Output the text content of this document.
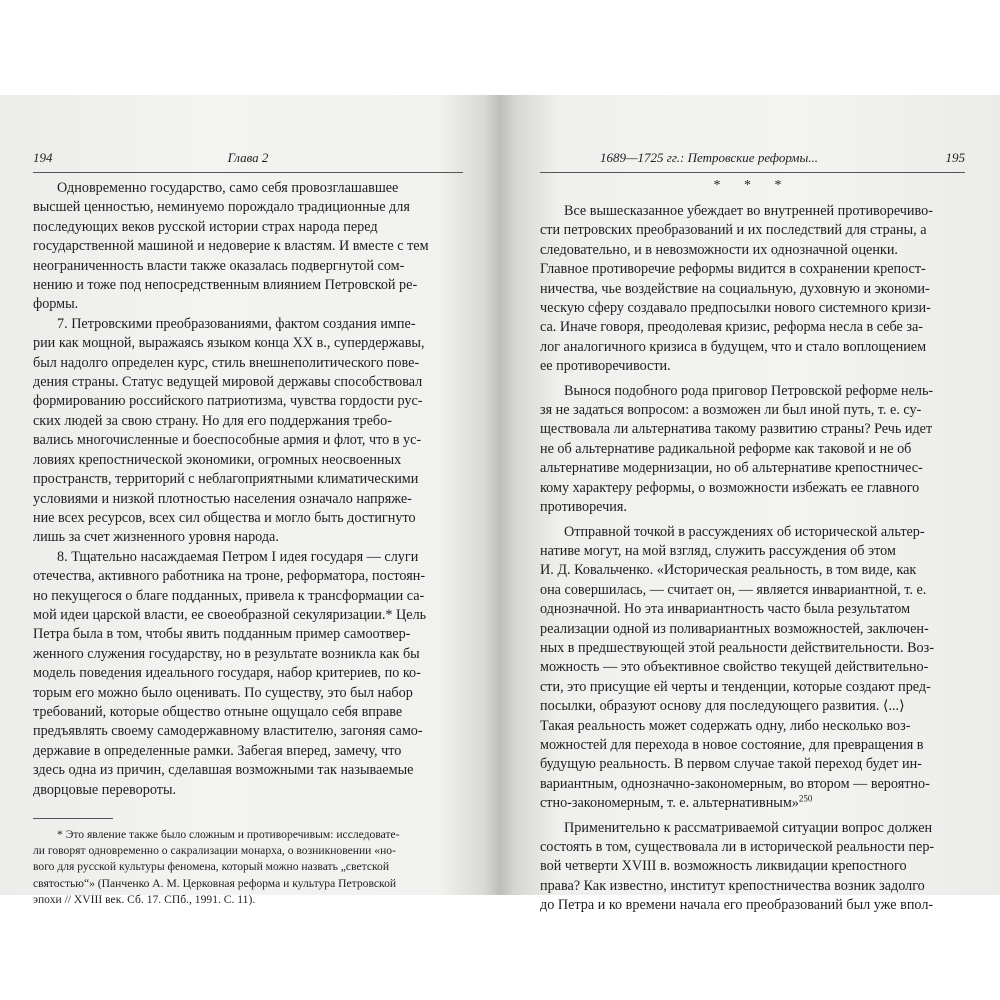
194	Глава 2
Одновременно государство, само себя провозглашавшее
высшей ценностью, неминуемо порождало традиционные для
последующих веков русской истории страх народа перед
государственной машиной и недоверие к властям. И вместе с тем
неограниченность власти также оказалась подвергнутой сом-
нению и тоже под непосредственным влиянием Петровской ре-
формы.
7. Петровскими преобразованиями, фактом создания импе-
рии как мощной, выражаясь языком конца XX в., супердержавы,
был надолго определен курс, стиль внешнеполитического пове-
дения страны. Статус ведущей мировой державы способствовал
формированию российского патриотизма, чувства гордости рус-
ских людей за свою страну. Но для его поддержания требо-
вались многочисленные и боеспособные армия и флот, что в ус-
ловиях крепостнической экономики, огромных неосвоенных
пространств, территорий с неблагоприятными климатическими
условиями и низкой плотностью населения означало напряже-
ние всех ресурсов, всех сил общества и могло быть достигнуто
лишь за счет жизненного уровня народа.
8. Тщательно насаждаемая Петром I идея государя — слуги
отечества, активного работника на троне, реформатора, постоян-
но пекущегося о благе подданных, привела к трансформации са-
мой идеи царской власти, ее своеобразной секуляризации.* Цель
Петра была в том, чтобы явить подданным пример самоотвер-
женного служения государству, но в результате возникла как бы
модель поведения идеального государя, набор критериев, по ко-
торым его можно было оценивать. По существу, это был набор
требований, которые общество отныне ощущало себя вправе
предъявлять своему самодержавному властителю, загоняя само-
державие в определенные рамки. Забегая вперед, замечу, что
здесь одна из причин, сделавшая возможными так называемые
дворцовые перевороты.
* Это явление также было сложным и противоречивым: исследовате-
ли говорят одновременно о сакрализации монарха, о возникновении «но-
вого для русской культуры феномена, который можно назвать „светской
святостью“» (Панченко А. М. Церковная реформа и культура Петровской
эпохи // XVIII век. Сб. 17. СПб., 1991. С. 11).
1689—1725 гг.: Петровские реформы...	195
* * *
Все вышесказанное убеждает во внутренней противоречиво-
сти петровских преобразований и их последствий для страны, а
следовательно, и в невозможности их однозначной оценки.
Главное противоречие реформы видится в сохранении крепост-
ничества, чье воздействие на социальную, духовную и экономи-
ческую сферу создавало предпосылки нового системного кризи-
са. Иначе говоря, преодолевая кризис, реформа несла в себе за-
лог аналогичного кризиса в будущем, что и стало воплощением
ее противоречивости.
Вынося подобного рода приговор Петровской реформе нель-
зя не задаться вопросом: а возможен ли был иной путь, т. е. су-
ществовала ли альтернатива такому развитию страны? Речь идет
не об альтернативе радикальной реформе как таковой и не об
альтернативе модернизации, но об альтернативе крепостничес-
кому характеру реформы, о возможности избежать ее главного
противоречия.
Отправной точкой в рассуждениях об исторической альтер-
нативе могут, на мой взгляд, служить рассуждения об этом
И. Д. Ковальченко. «Историческая реальность, в том виде, как
она совершилась, — считает он, — является инвариантной, т. е.
однозначной. Но эта инвариантность часто была результатом
реализации одной из поливариантных возможностей, заключен-
ных в предшествующей этой реальности действительности. Воз-
можность — это объективное свойство текущей действительно-
сти, это присущие ей черты и тенденции, которые создают пред-
посылки, образуют основу для последующего развития. ⟨...⟩
Такая реальность может содержать одну, либо несколько воз-
можностей для перехода в новое состояние, для превращения в
будущую реальность. В первом случае такой переход будет ин-
вариантным, однозначно-закономерным, во втором — вероятно-
стно-закономерным, т. е. альтернативным»$^{250}$
Применительно к рассматриваемой ситуации вопрос должен
состоять в том, существовала ли в исторической реальности пер-
вой четверти XVIII в. возможность ликвидации крепостного
права? Как известно, институт крепостничества возник задолго
до Петра и ко времени начала его преобразований был уже впол-
